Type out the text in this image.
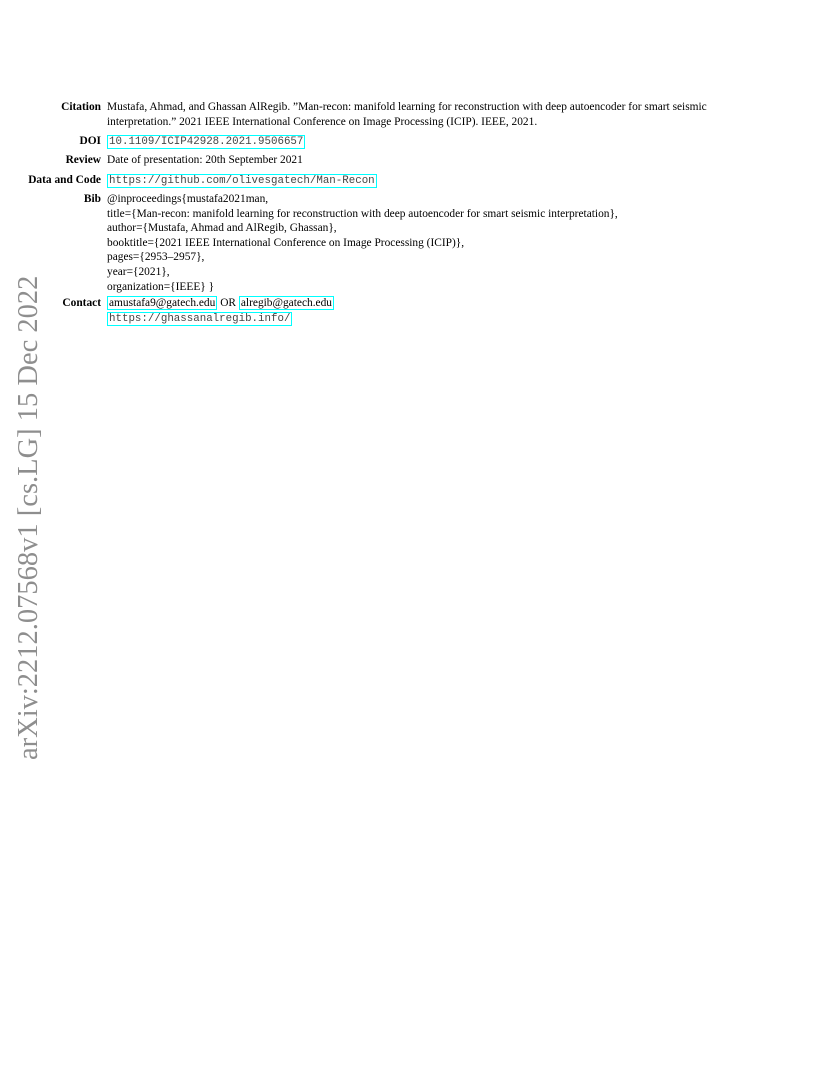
arXiv:2212.07568v1 [cs.LG] 15 Dec 2022
Citation Mustafa, Ahmad, and Ghassan AlRegib. ”Man-recon: manifold learning for reconstruction with deep autoencoder for smart seismic
interpretation.” 2021 IEEE International Conference on Image Processing (ICIP). IEEE, 2021.
DOI 10.1109/ICIP42928.2021.9506657
Review Date of presentation: 20th September 2021
Data and Code https://github.com/olivesgatech/Man-Recon
Bib @inproceedings{mustafa2021man,
title={Man-recon: manifold learning for reconstruction with deep autoencoder for smart seismic interpretation},
author={Mustafa, Ahmad and AlRegib, Ghassan},
booktitle={2021 IEEE International Conference on Image Processing (ICIP)},
pages={2953–2957},
year={2021},
organization={IEEE} }
Contact amustafa9@gatech.edu OR alregib@gatech.edu
https://ghassanalregib.info/
